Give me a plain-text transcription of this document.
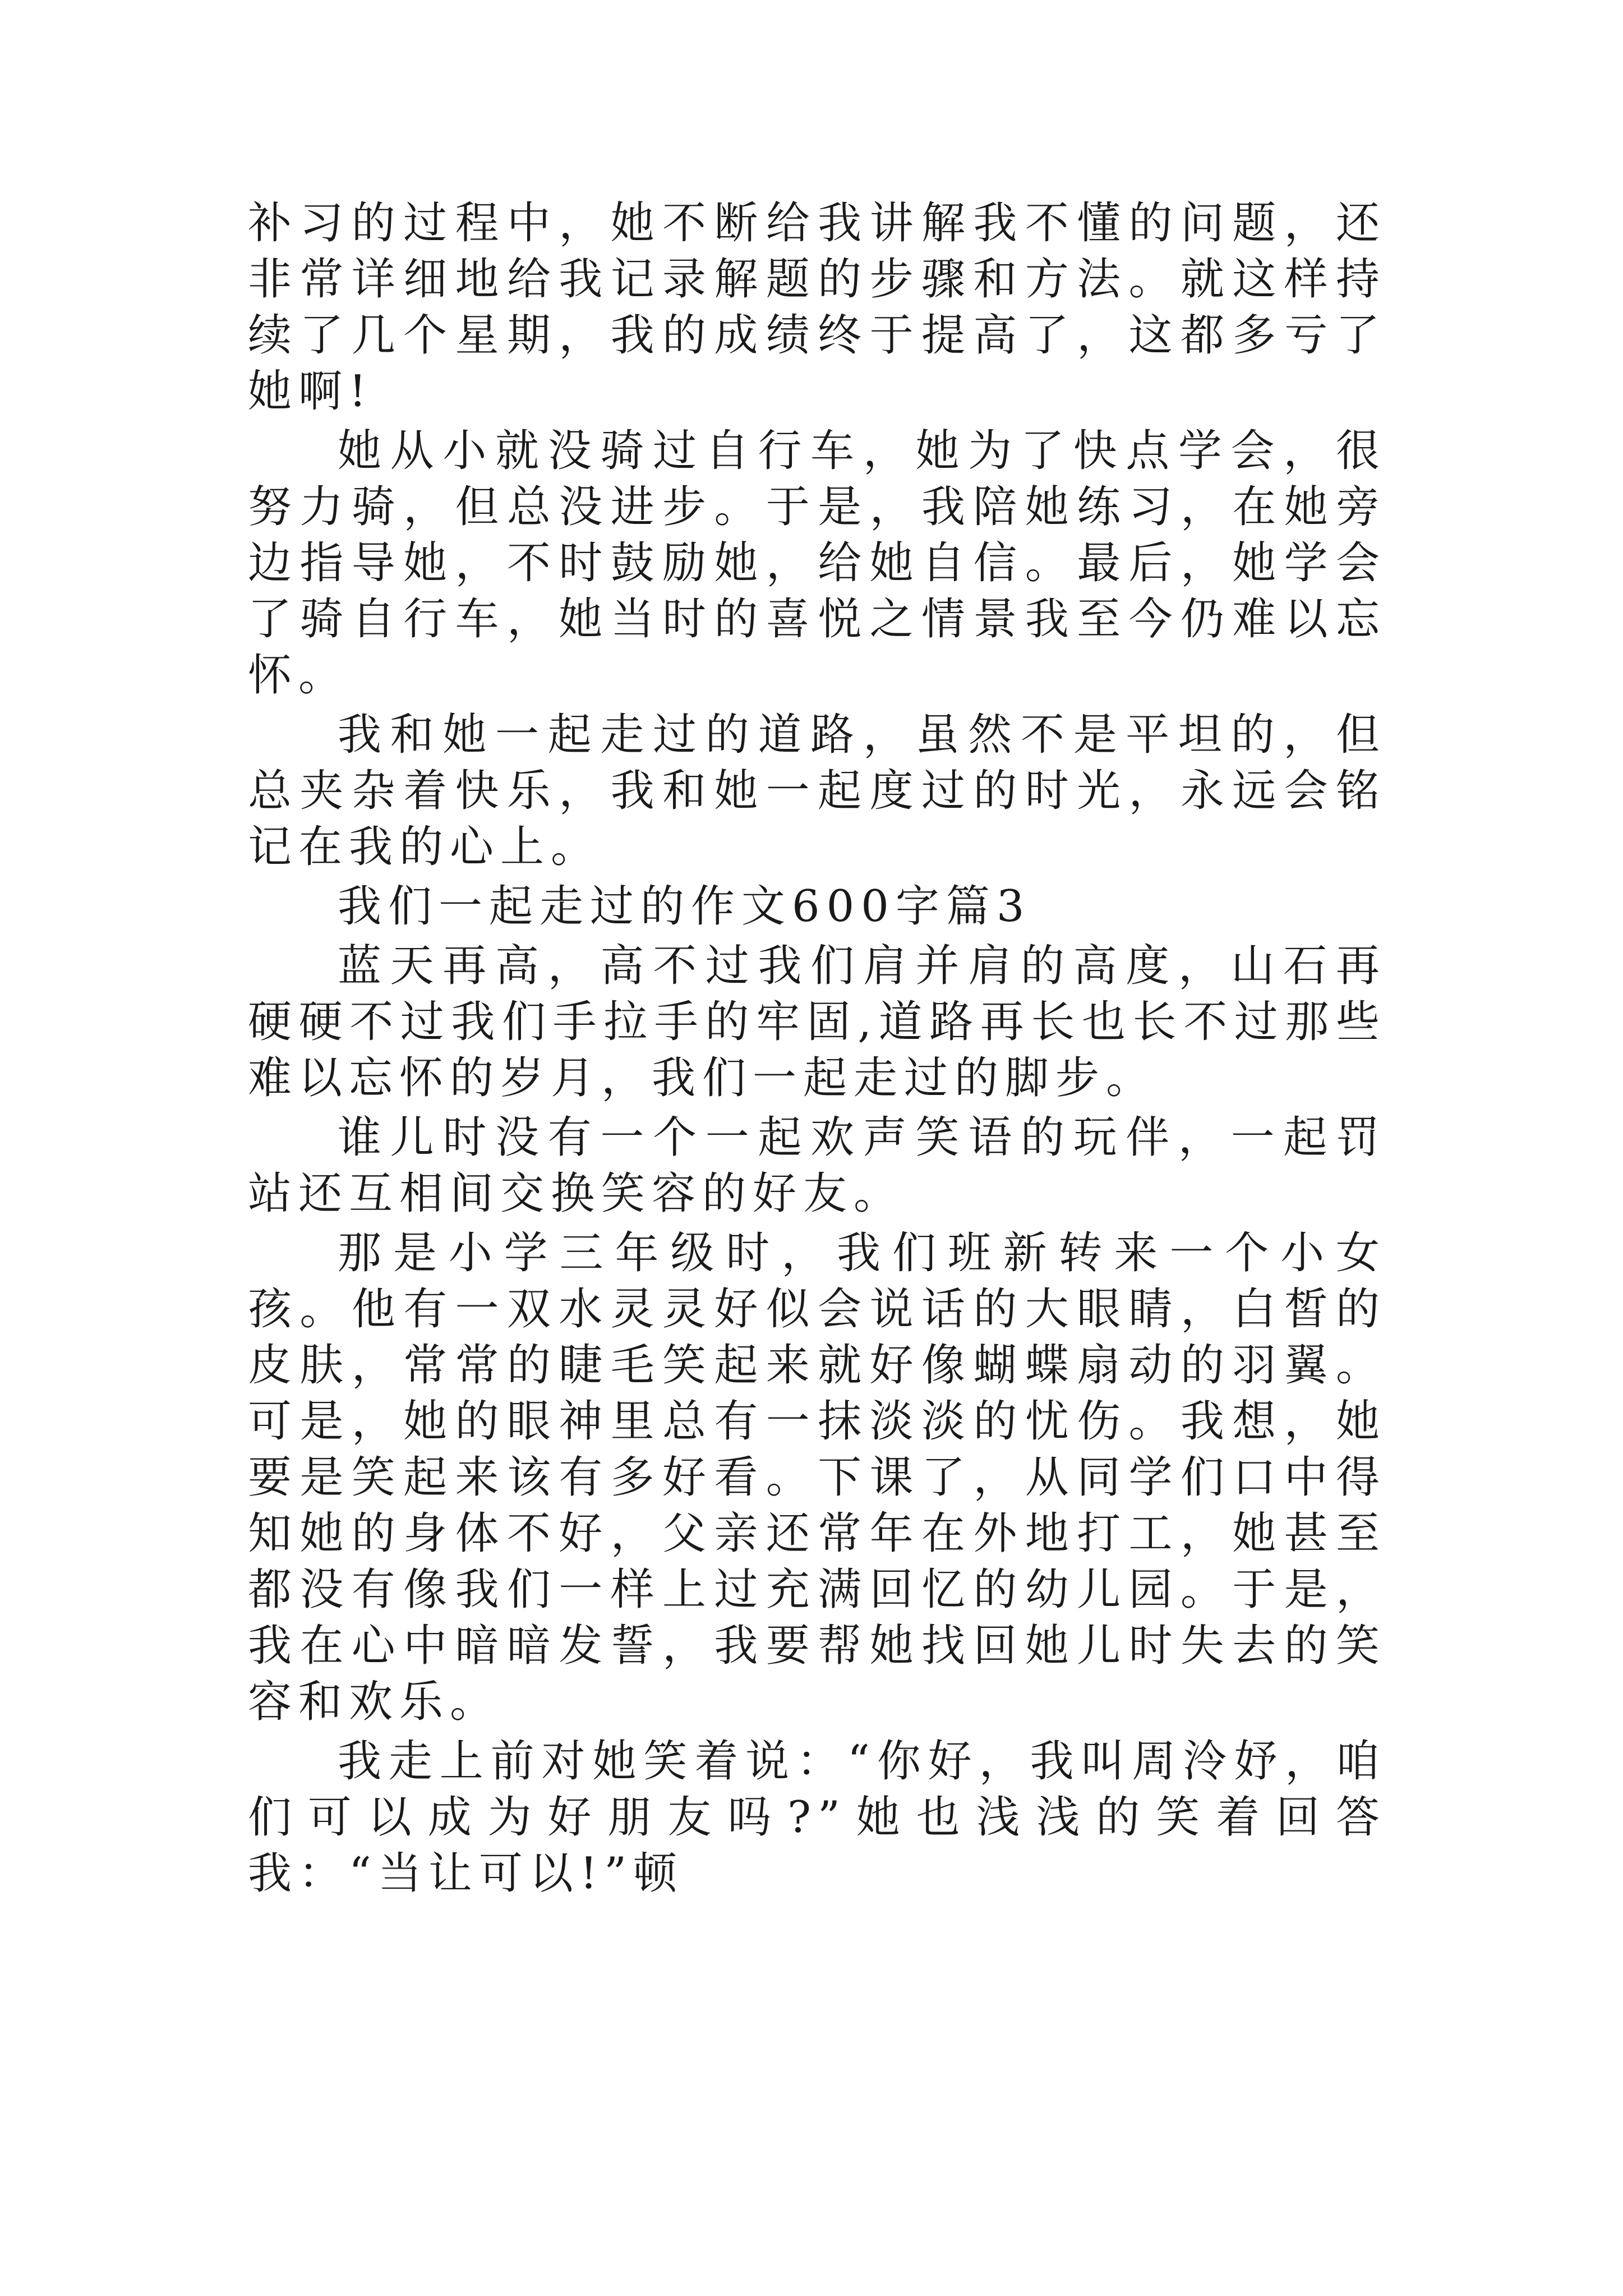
补习的过程中，她不断给我讲解我不懂的问题，还非常详细地给我记录解题的步骤和方法。就这样持续了几个星期，我的成绩终于提高了，这都多亏了她啊!

她从小就没骑过自行车，她为了快点学会，很努力骑，但总没进步。于是，我陪她练习，在她旁边指导她，不时鼓励她，给她自信。最后，她学会了骑自行车，她当时的喜悦之情景我至今仍难以忘怀。

我和她一起走过的道路，虽然不是平坦的，但总夹杂着快乐，我和她一起度过的时光，永远会铭记在我的心上。

我们一起走过的作文600字篇3

蓝天再高，高不过我们肩并肩的高度，山石再硬硬不过我们手拉手的牢固,道路再长也长不过那些难以忘怀的岁月，我们一起走过的脚步。

谁儿时没有一个一起欢声笑语的玩伴，一起罚站还互相间交换笑容的好友。

那是小学三年级时，我们班新转来一个小女孩。他有一双水灵灵好似会说话的大眼睛，白皙的皮肤，常常的睫毛笑起来就好像蝴蝶扇动的羽翼。可是，她的眼神里总有一抹淡淡的忧伤。我想，她要是笑起来该有多好看。下课了，从同学们口中得知她的身体不好，父亲还常年在外地打工，她甚至都没有像我们一样上过充满回忆的幼儿园。于是，我在心中暗暗发誓，我要帮她找回她儿时失去的笑容和欢乐。

我走上前对她笑着说：“你好，我叫周泠妤，咱们可以成为好朋友吗?”她也浅浅的笑着回答我：“当让可以!”顿
